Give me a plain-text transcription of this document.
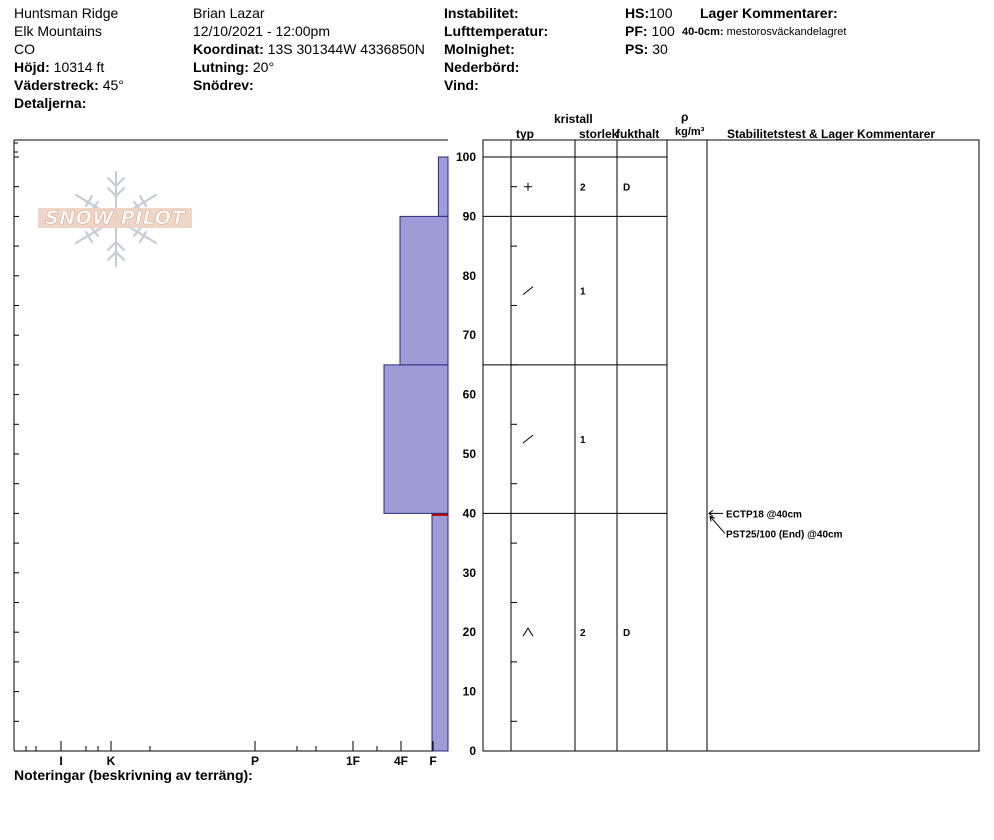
Huntsman Ridge
Elk Mountains
CO
Höjd: 10314 ft
Väderstreck: 45°
Detaljerna:
Brian Lazar
12/10/2021 - 12:00pm
Koordinat: 13S 301344W 4336850N
Lutning: 20°
Snödrev:
Instabilitet:
Lufttemperatur:
Molnighet:
Nederbörd:
Vind:
HS:100
PF: 100
PS: 30
Lager Kommentarer:
40-0cm: mestorosväckandelagret
kristall
typ	storlek
fukthalt
ρ
kg/m³ Stabilitetstest & Lager Kommentarer
Noteringar (beskrivning av terräng):
SNOW PILOT
I	K	P	1F	4F F
0
10
20
30
40
50
60
70
80
90
100
2	D
1
1
2	D
ECTP18 @40cm
PST25/100 (End) @40cm
